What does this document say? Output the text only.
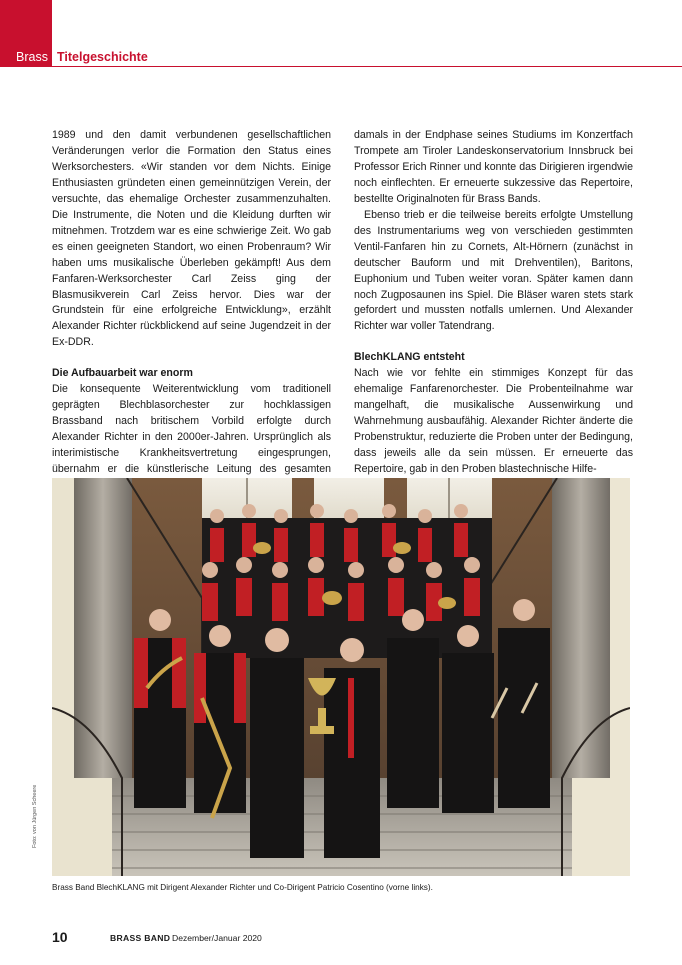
Brass Titelgeschichte

1989 und den damit verbundenen gesellschaftlichen Veränderungen verlor die Formation den Status eines Werksorchesters. «Wir standen vor dem Nichts. Einige Enthusiasten gründeten einen gemeinnützigen Verein, der versuchte, das ehemalige Orchester zusammenzuhalten. Die Instrumente, die Noten und die Kleidung durften wir mitnehmen. Trotzdem war es eine schwierige Zeit. Wo gab es einen geeigneten Standort, wo einen Probenraum? Wir haben ums musikalische Überleben gekämpft! Aus dem Fanfaren-Werksorchester Carl Zeiss ging der Blasmusikverein Carl Zeiss hervor. Dies war der Grundstein für eine erfolgreiche Entwicklung», erzählt Alexander Richter rückblickend auf seine Jugendzeit in der Ex-DDR.

Die Aufbauarbeit war enorm

Die konsequente Weiterentwicklung vom traditionell geprägten Blechblasorchester zur hochklassigen Brassband nach britischem Vorbild erfolgte durch Alexander Richter in den 2000er-Jahren. Ursprünglich als interimistische Krankheitsvertretung eingesprungen, übernahm er die künstlerische Leitung des gesamten

damals in der Endphase seines Studiums im Konzertfach Trompete am Tiroler Landeskonservatorium Innsbruck bei Professor Erich Rinner und konnte das Dirigieren irgendwie noch einflechten. Er erneuerte sukzessive das Repertoire, bestellte Originalnoten für Brass Bands.

Ebenso trieb er die teilweise bereits erfolgte Umstellung des Instrumentariums weg von verschieden gestimmten Ventil-Fanfaren hin zu Cornets, Alt-Hörnern (zunächst in deutscher Bauform und mit Drehventilen), Baritons, Euphonium und Tuben weiter voran. Später kamen dann noch Zugposaunen ins Spiel. Die Bläser waren stets stark gefordert und mussten notfalls umlernen. Und Alexander Richter war voller Tatendrang.

BlechKLANG entsteht

Nach wie vor fehlte ein stimmiges Konzept für das ehemalige Fanfarenorchester. Die Probenteilnahme war mangelhaft, die musikalische Aussenwirkung und Wahrnehmung ausbaufähig. Alexander Richter änderte die Probenstruktur, reduzierte die Proben unter der Bedingung, dass jeweils alle da sein müssen. Er erneuerte das Repertoire, gab in den Proben blastechnische Hilfe-

Foto: von Jürgen Scheere
Brass Band BlechKLANG mit Dirigent Alexander Richter und Co-Dirigent Patricio Cosentino (vorne links).
10	BRASS BAND Dezember/Januar 2020
